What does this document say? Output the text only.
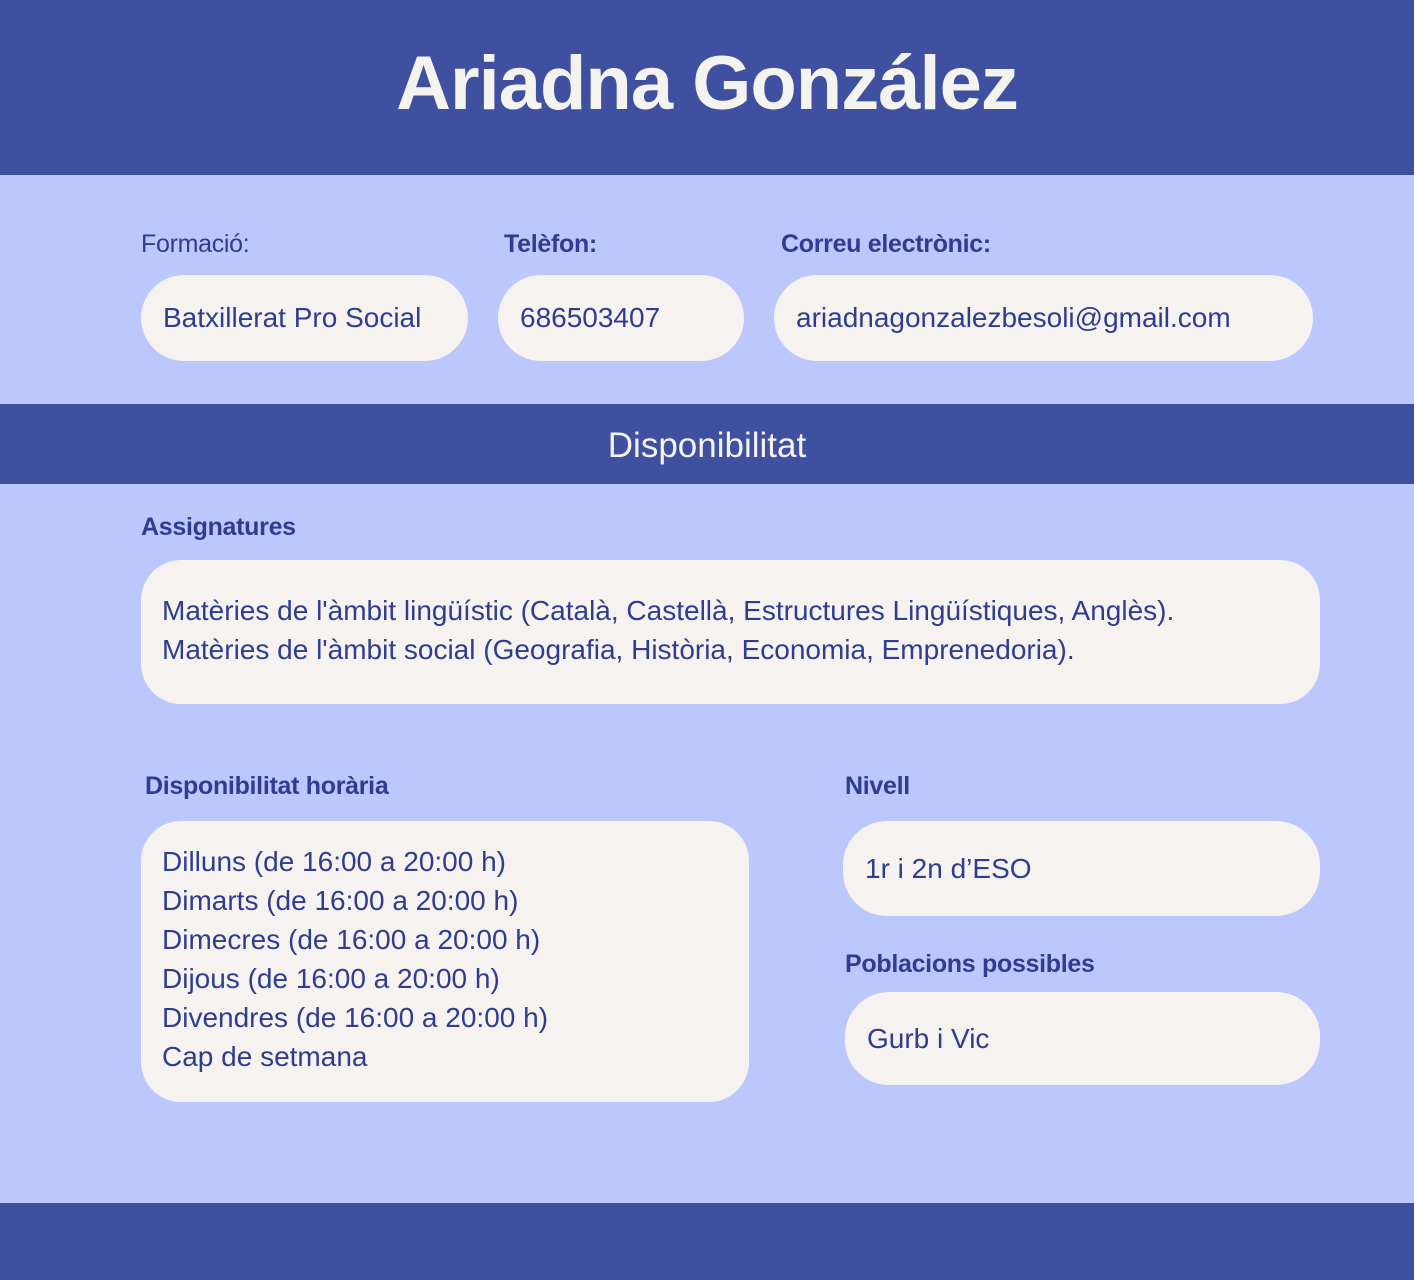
Ariadna González
Formació:
Batxillerat Pro Social
Telèfon:
686503407
Correu electrònic:
ariadnagonzalezbesoli@gmail.com
Disponibilitat
Assignatures
Matèries de l'àmbit lingüístic (Català, Castellà, Estructures Lingüístiques, Anglès).
Matèries de l'àmbit social (Geografia, Història, Economia, Emprenedoria).
Disponibilitat horària
Dilluns (de 16:00 a 20:00 h)
Dimarts (de 16:00 a 20:00 h)
Dimecres (de 16:00 a 20:00 h)
Dijous (de 16:00 a 20:00 h)
Divendres (de 16:00 a 20:00 h)
Cap de setmana
Nivell
1r i 2n d’ESO
Poblacions possibles
Gurb i Vic
